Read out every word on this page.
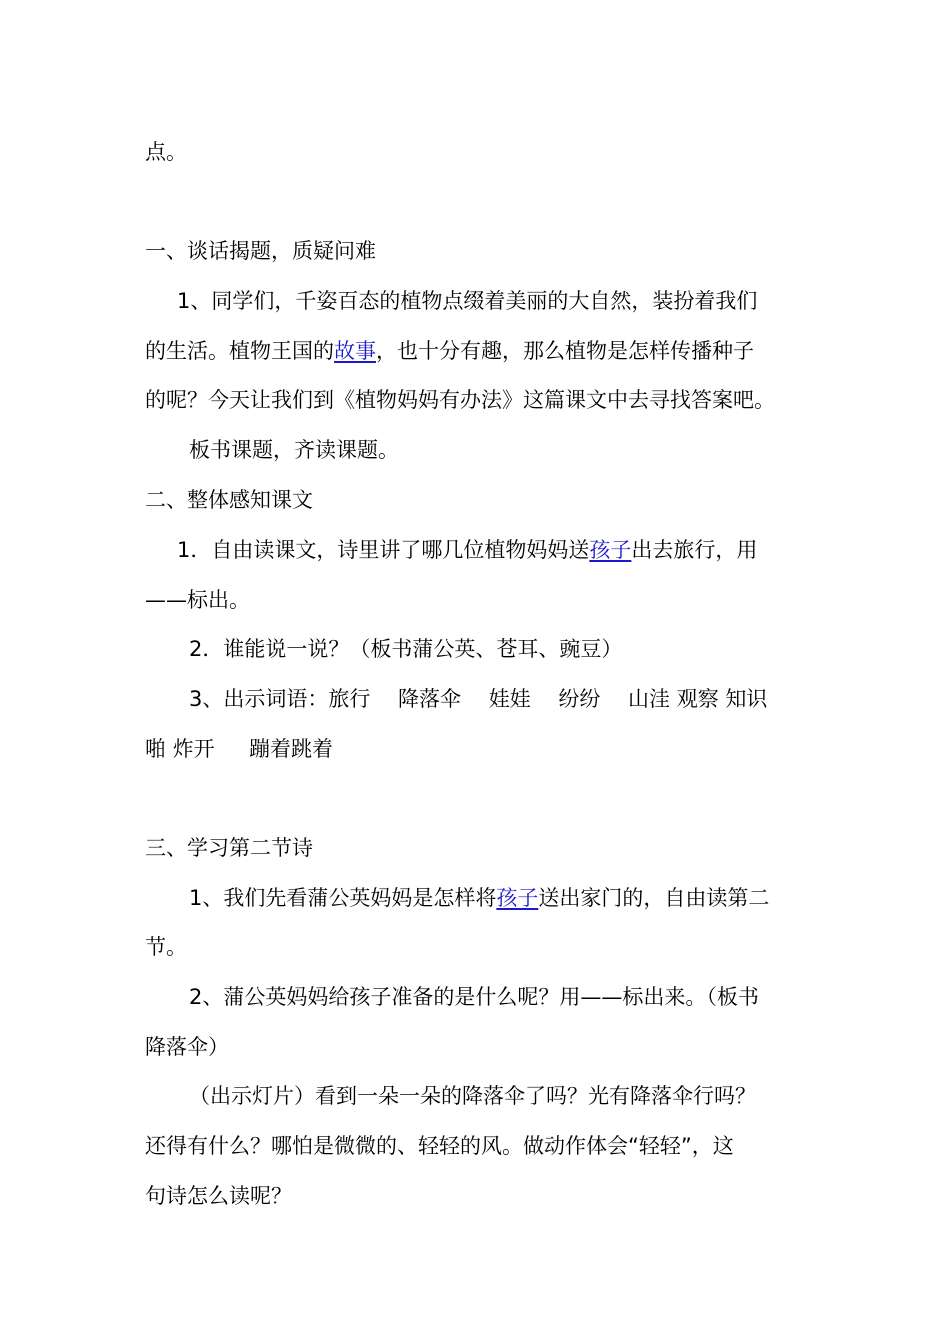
点。
一、谈话揭题，质疑问难
1、同学们，千姿百态的植物点缀着美丽的大自然，装扮着我们
的生活。植物王国的故事，也十分有趣，那么植物是怎样传播种子
的呢？今天让我们到《植物妈妈有办法》这篇课文中去寻找答案吧。
板书课题，齐读课题。
二、整体感知课文
1．自由读课文，诗里讲了哪几位植物妈妈送孩子出去旅行，用
——标出。
2．谁能说一说？（板书蒲公英、苍耳、豌豆）
3、出示词语：旅行　 降落伞　 娃娃　 纷纷　 山洼 观察 知识
啪 炸开　  蹦着跳着
三、学习第二节诗
1、我们先看蒲公英妈妈是怎样将孩子送出家门的，自由读第二
节。
2、蒲公英妈妈给孩子准备的是什么呢？用——标出来。（板书
降落伞）
（出示灯片）看到一朵一朵的降落伞了吗？光有降落伞行吗？
还得有什么？哪怕是微微的、轻轻的风。做动作体会“轻轻”，这
句诗怎么读呢？
